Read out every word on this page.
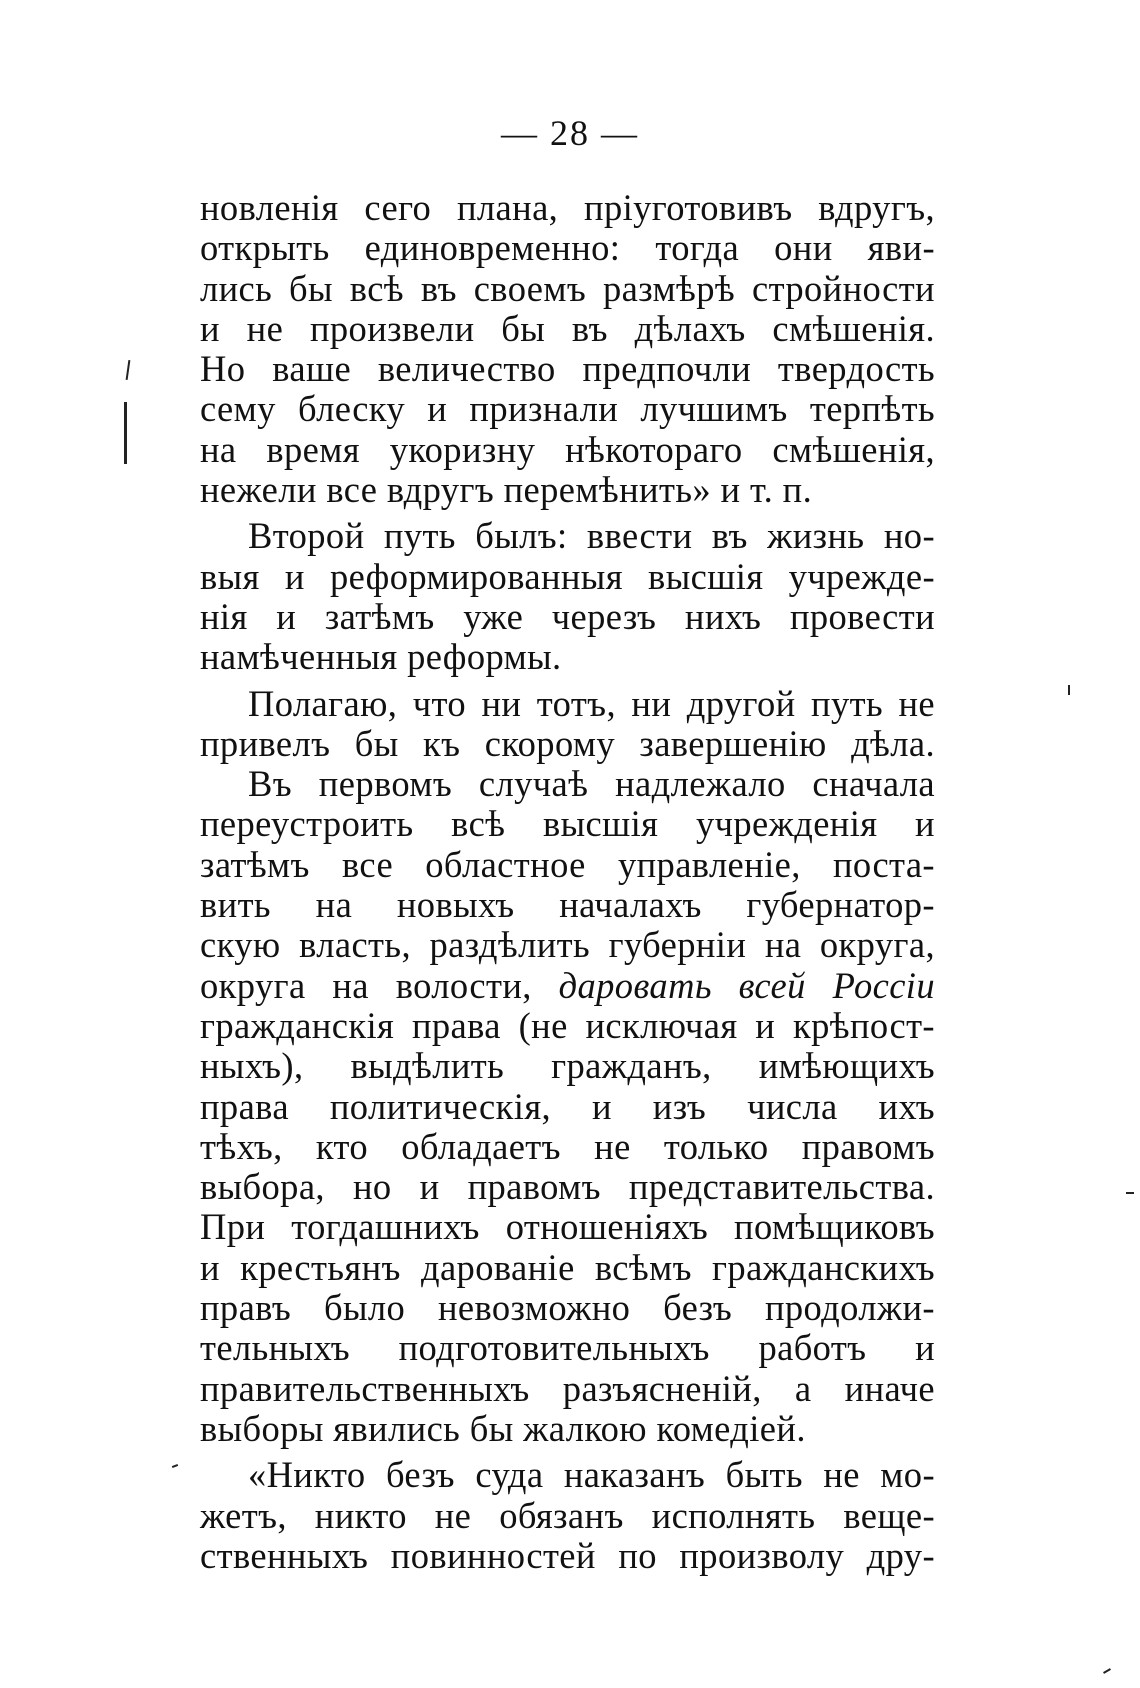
— 28 —
новленія сего плана, пріуготовивъ вдругъ,
открыть единовременно: тогда они яви-
лись бы всѣ въ своемъ размѣрѣ стройности
и не произвели бы въ дѣлахъ смѣшенія.
Но ваше величество предпочли твердость
сему блеску и признали лучшимъ терпѣть
на время укоризну нѣкотораго смѣшенія,
нежели все вдругъ перемѣнить» и т. п.
Второй путь былъ: ввести въ жизнь но-
выя и реформированныя высшія учрежде-
нія и затѣмъ уже черезъ нихъ провести
намѣченныя реформы.
Полагаю, что ни тотъ, ни другой путь не
привелъ бы къ скорому завершенію дѣла.
Въ первомъ случаѣ надлежало сначала
переустроить всѣ высшія учрежденія и
затѣмъ все областное управленіе, поста-
вить на новыхъ началахъ губернатор-
скую власть, раздѣлить губерніи на округа,
округа на волости, даровать всей Россіи
гражданскія права (не исключая и крѣпост-
ныхъ), выдѣлить гражданъ, имѣющихъ
права политическія, и изъ числа ихъ
тѣхъ, кто обладаетъ не только правомъ
выбора, но и правомъ представительства.
При тогдашнихъ отношеніяхъ помѣщиковъ
и крестьянъ дарованіе всѣмъ гражданскихъ
правъ было невозможно безъ продолжи-
тельныхъ подготовительныхъ работъ и
правительственныхъ разъясненій, а иначе
выборы явились бы жалкою комедіей.
«Никто безъ суда наказанъ быть не мо-
жетъ, никто не обязанъ исполнять веще-
ственныхъ повинностей по произволу дру-
